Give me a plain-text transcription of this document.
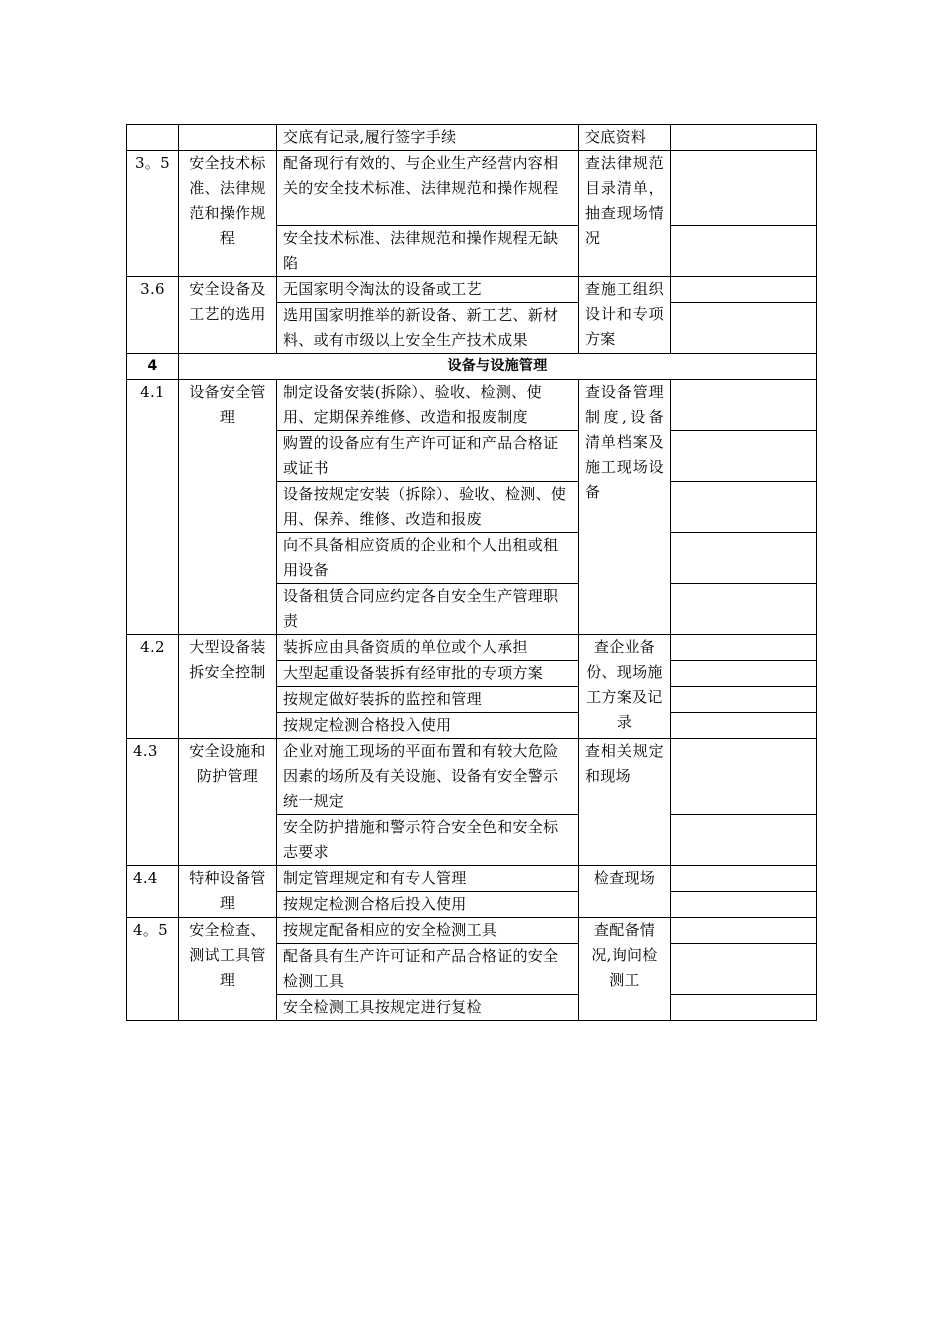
		交底有记录,履行签字手续	交底资料	
3。5	安全技术标准、法律规范和操作规程	配备现行有效的、与企业生产经营内容相关的安全技术标准、法律规范和操作规程	查法律规范目录清单，抽查现场情况	
		安全技术标准、法律规范和操作规程无缺陷		
3.6	安全设备及工艺的选用	无国家明令淘汰的设备或工艺	查施工组织设计和专项方案	
		选用国家明推举的新设备、新工艺、新材料、或有市级以上安全生产技术成果		
4	设备与设施管理			
4.1	设备安全管理	制定设备安装(拆除）、验收、检测、使用、定期保养维修、改造和报废制度	查设备管理制度,设备清单档案及施工现场设备	
		购置的设备应有生产许可证和产品合格证或证书		
		设备按规定安装（拆除）、验收、检测、使用、保养、维修、改造和报废		
		向不具备相应资质的企业和个人出租或租用设备		
		设备租赁合同应约定各自安全生产管理职责		
4.2	大型设备装拆安全控制	装拆应由具备资质的单位或个人承担	查企业备份、现场施工方案及记录	
		大型起重设备装拆有经审批的专项方案		
		按规定做好装拆的监控和管理		
		按规定检测合格投入使用		
4.3	安全设施和防护管理	企业对施工现场的平面布置和有较大危险因素的场所及有关设施、设备有安全警示统一规定	查相关规定和现场	
		安全防护措施和警示符合安全色和安全标志要求		
4.4	特种设备管理	制定管理规定和有专人管理	检查现场	
		按规定检测合格后投入使用		
4。5	安全检查、测试工具管理	按规定配备相应的安全检测工具	查配备情况,询问检测工	
		配备具有生产许可证和产品合格证的安全检测工具		
		安全检测工具按规定进行复检		
